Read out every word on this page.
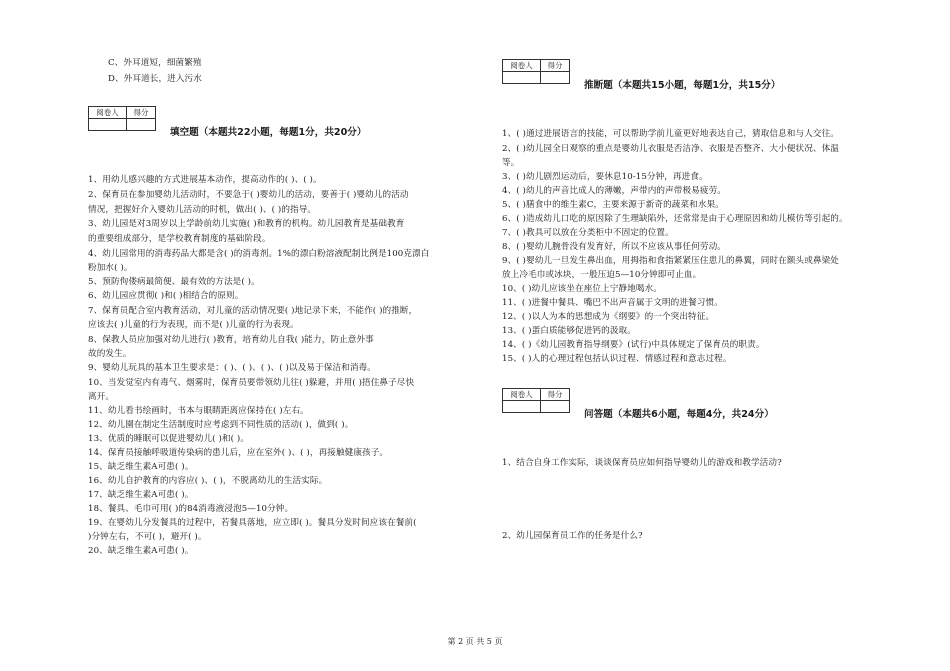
C、外耳道短，细菌繁殖
D、外耳道长，进入污水
阅卷人	得分

填空题（本题共22小题，每题1分，共20分）
1、用幼儿感兴趣的方式进展基本动作，提高动作的( )、( )。
2、保育员在参加婴幼儿活动时，不要急于( )婴幼儿的活动，要善于( )婴幼儿的活动
情况，把握好介入婴幼儿活动的时机，做出( )、( )的指导。
3、幼儿园是对3周岁以上学龄前幼儿实施( )和教育的机构。幼儿园教育是基础教育
的重要组成部分，是学校教育制度的基础阶段。
4、幼儿园常用的消毒药品大都是含( )的消毒剂。1%的漂白粉溶液配制比例是100克漂白
粉加水( )。
5、预防佝偻病最简便、最有效的方法是( )。
6、幼儿园应贯彻( )和( )相结合的原则。
7、保育员配合室内教育活动，对儿童的活动情况要( )地记录下来，不能作( )的推断，
应该去( )儿童的行为表现，而不是( )儿童的行为表现。
8、保教人员应加强对幼儿进行( )教育，培育幼儿自我( )能力，防止意外事
故的发生。
9、婴幼儿玩具的基本卫生要求是：( )、( )、( )、( )以及易于保洁和消毒。
10、当发觉室内有毒气、烟雾时，保育员要带领幼儿往( )躲避，并用( )捂住鼻子尽快
离开。
11、幼儿看书绘画时，书本与眼睛距离应保持在( )左右。
12、幼儿園在制定生活制度时应考虑到不同性质的活动( )，做到( )。
13、优质的睡眠可以促进婴幼儿( )和( )。
14、保育员接触呼吸道传染病的患儿后，应在室外( )、( )，再接触健康孩子。
15、缺乏维生素A可患( )。
16、幼儿自护教育的内容应( )、( )，不脱离幼儿的生活实际。
17、缺乏维生素A可患( )。
18、餐具、毛巾可用( )的84消毒液浸泡5—10分钟。
19、在婴幼儿分发餐具的过程中，若餐具落地，应立即( )。餐具分发时间应该在餐前(
)分钟左右，不可( )，避开( )。
20、缺乏维生素A可患( )。
阅卷人	得分

推断题（本题共15小题，每题1分，共15分）
1、( )通过进展语言的技能，可以帮助学前儿童更好地表达自己，猜取信息和与人交往。
2、( )幼儿园全日观察的重点是婴幼儿衣服是否洁净、衣服是否整齐、大小便状况、体温
等。
3、( )幼儿剧烈运动后，要休息10-15分钟，再进食。
4、( )幼儿的声音比成人的薄嫩，声带内的声带极易疲劳。
5、( )膳食中的维生素C，主要来源于新奇的蔬菜和水果。
6、( )造成幼儿口吃的原因除了生理缺陷外，还常常是由于心理原因和幼儿模仿等引起的。
7、( )教具可以放在分类柜中不固定的位置。
8、( )婴幼儿腕骨没有发育好，所以不应该从事任何劳动。
9、( )婴幼儿一旦发生鼻出血，用拇指和食指紧紧压住患儿的鼻翼，同时在额头或鼻梁处
放上冷毛巾或冰块，一般压迫5—10分钟即可止血。
10、( )幼儿应该坐在座位上宁静地喝水。
11、( )进餐中餐具、嘴巴不出声音属于文明的进餐习惯。
12、( )以人为本的思想成为《纲要》的一个突出特征。
13、( )蛋白质能够促进钙的汲取。
14、( )《幼儿园教育指导纲要》(试行)中具体规定了保育员的职责。
15、( )人的心理过程包括认识过程、情感过程和意志过程。
阅卷人	得分

问答题（本题共6小题，每题4分，共24分）
1、结合自身工作实际，谈谈保育员应如何指导婴幼儿的游戏和教学活动?
2、幼儿园保育员工作的任务是什么?
第 2 页 共 5 页
